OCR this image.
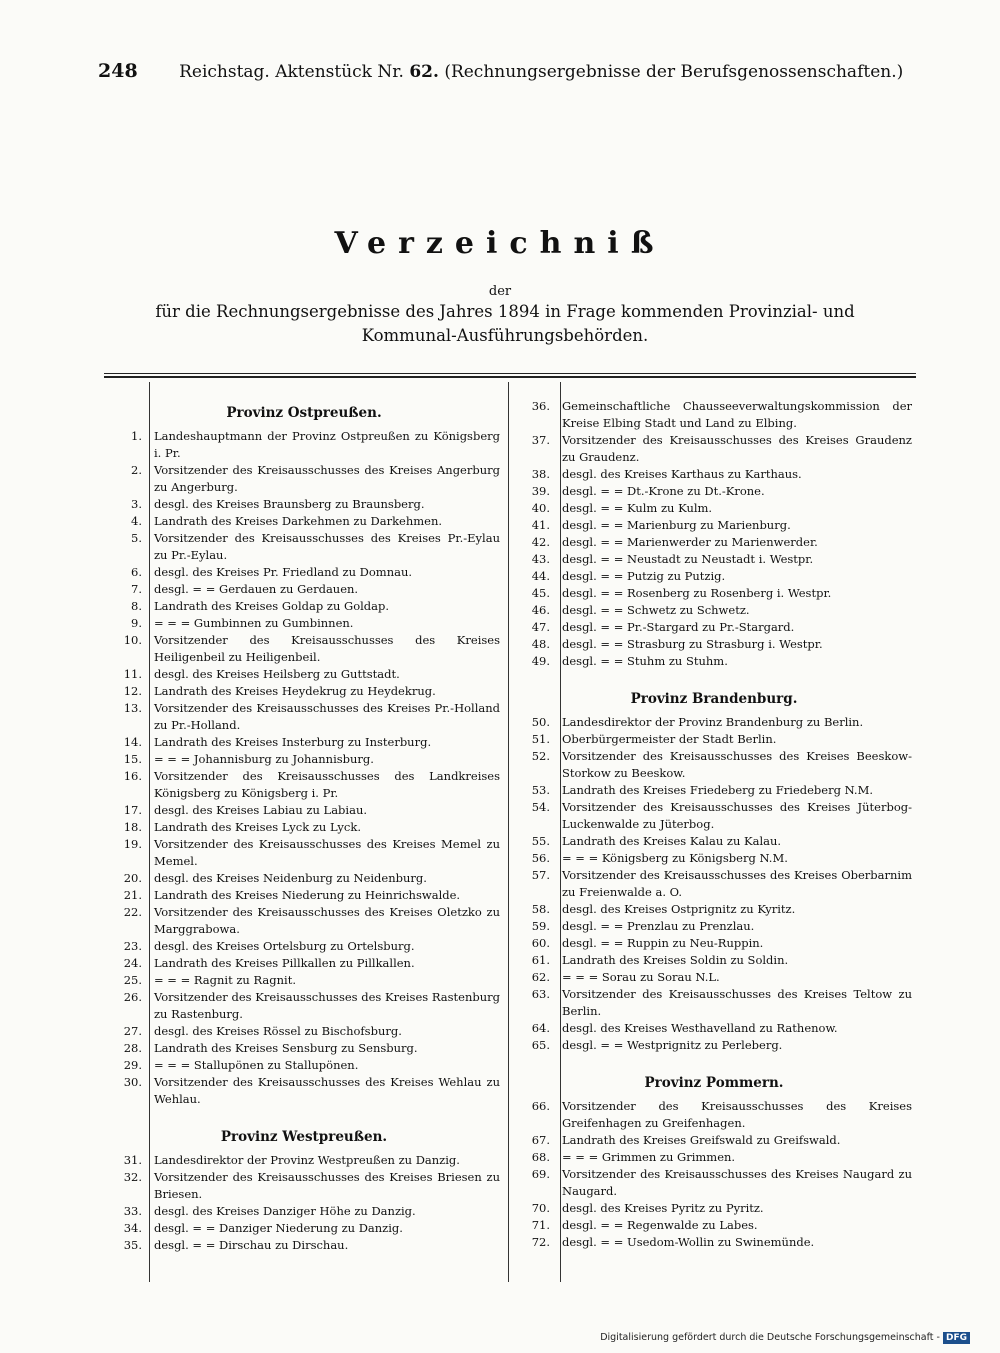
248 Reichstag. Aktenstück Nr. 62. (Rechnungsergebnisse der Berufsgenossenschaften.)
Verzeichniß
der
für die Rechnungsergebnisse des Jahres 1894 in Frage kommenden Provinzial- und Kommunal-Ausführungsbehörden.
Provinz Ostpreußen.
1.	Landeshauptmann der Provinz Ostpreußen zu Königsberg i. Pr.
2.	Vorsitzender des Kreisausschusses des Kreises Angerburg zu Angerburg.
3.	desgl. des Kreises Braunsberg zu Braunsberg.
4.	Landrath des Kreises Darkehmen zu Darkehmen.
5.	Vorsitzender des Kreisausschusses des Kreises Pr.-Eylau zu Pr.-Eylau.
6.	desgl. des Kreises Pr. Friedland zu Domnau.
7.	desgl. = = Gerdauen zu Gerdauen.
8.	Landrath des Kreises Goldap zu Goldap.
9.	= = = Gumbinnen zu Gumbinnen.
10.	Vorsitzender des Kreisausschusses des Kreises Heiligenbeil zu Heiligenbeil.
11.	desgl. des Kreises Heilsberg zu Guttstadt.
12.	Landrath des Kreises Heydekrug zu Heydekrug.
13.	Vorsitzender des Kreisausschusses des Kreises Pr.-Holland zu Pr.-Holland.
14.	Landrath des Kreises Insterburg zu Insterburg.
15.	= = = Johannisburg zu Johannisburg.
16.	Vorsitzender des Kreisausschusses des Landkreises Königsberg zu Königsberg i. Pr.
17.	desgl. des Kreises Labiau zu Labiau.
18.	Landrath des Kreises Lyck zu Lyck.
19.	Vorsitzender des Kreisausschusses des Kreises Memel zu Memel.
20.	desgl. des Kreises Neidenburg zu Neidenburg.
21.	Landrath des Kreises Niederung zu Heinrichswalde.
22.	Vorsitzender des Kreisausschusses des Kreises Oletzko zu Marggrabowa.
23.	desgl. des Kreises Ortelsburg zu Ortelsburg.
24.	Landrath des Kreises Pillkallen zu Pillkallen.
25.	= = = Ragnit zu Ragnit.
26.	Vorsitzender des Kreisausschusses des Kreises Rastenburg zu Rastenburg.
27.	desgl. des Kreises Rössel zu Bischofsburg.
28.	Landrath des Kreises Sensburg zu Sensburg.
29.	= = = Stallupönen zu Stallupönen.
30.	Vorsitzender des Kreisausschusses des Kreises Wehlau zu Wehlau.
Provinz Westpreußen.
31.	Landesdirektor der Provinz Westpreußen zu Danzig.
32.	Vorsitzender des Kreisausschusses des Kreises Briesen zu Briesen.
33.	desgl. des Kreises Danziger Höhe zu Danzig.
34.	desgl. = = Danziger Niederung zu Danzig.
35.	desgl. = = Dirschau zu Dirschau.
36.	Gemeinschaftliche Chausseeverwaltungskommission der Kreise Elbing Stadt und Land zu Elbing.
37.	Vorsitzender des Kreisausschusses des Kreises Graudenz zu Graudenz.
38.	desgl. des Kreises Karthaus zu Karthaus.
39.	desgl. = = Dt.-Krone zu Dt.-Krone.
40.	desgl. = = Kulm zu Kulm.
41.	desgl. = = Marienburg zu Marienburg.
42.	desgl. = = Marienwerder zu Marienwerder.
43.	desgl. = = Neustadt zu Neustadt i. Westpr.
44.	desgl. = = Putzig zu Putzig.
45.	desgl. = = Rosenberg zu Rosenberg i. Westpr.
46.	desgl. = = Schwetz zu Schwetz.
47.	desgl. = = Pr.-Stargard zu Pr.-Stargard.
48.	desgl. = = Strasburg zu Strasburg i. Westpr.
49.	desgl. = = Stuhm zu Stuhm.
Provinz Brandenburg.
50.	Landesdirektor der Provinz Brandenburg zu Berlin.
51.	Oberbürgermeister der Stadt Berlin.
52.	Vorsitzender des Kreisausschusses des Kreises Beeskow-Storkow zu Beeskow.
53.	Landrath des Kreises Friedeberg zu Friedeberg N.M.
54.	Vorsitzender des Kreisausschusses des Kreises Jüterbog-Luckenwalde zu Jüterbog.
55.	Landrath des Kreises Kalau zu Kalau.
56.	= = = Königsberg zu Königsberg N.M.
57.	Vorsitzender des Kreisausschusses des Kreises Oberbarnim zu Freienwalde a. O.
58.	desgl. des Kreises Ostprignitz zu Kyritz.
59.	desgl. = = Prenzlau zu Prenzlau.
60.	desgl. = = Ruppin zu Neu-Ruppin.
61.	Landrath des Kreises Soldin zu Soldin.
62.	= = = Sorau zu Sorau N.L.
63.	Vorsitzender des Kreisausschusses des Kreises Teltow zu Berlin.
64.	desgl. des Kreises Westhavelland zu Rathenow.
65.	desgl. = = Westprignitz zu Perleberg.
Provinz Pommern.
66.	Vorsitzender des Kreisausschusses des Kreises Greifenhagen zu Greifenhagen.
67.	Landrath des Kreises Greifswald zu Greifswald.
68.	= = = Grimmen zu Grimmen.
69.	Vorsitzender des Kreisausschusses des Kreises Naugard zu Naugard.
70.	desgl. des Kreises Pyritz zu Pyritz.
71.	desgl. = = Regenwalde zu Labes.
72.	desgl. = = Usedom-Wollin zu Swinemünde.
Digitalisierung gefördert durch die Deutsche Forschungsgemeinschaft - DFG
